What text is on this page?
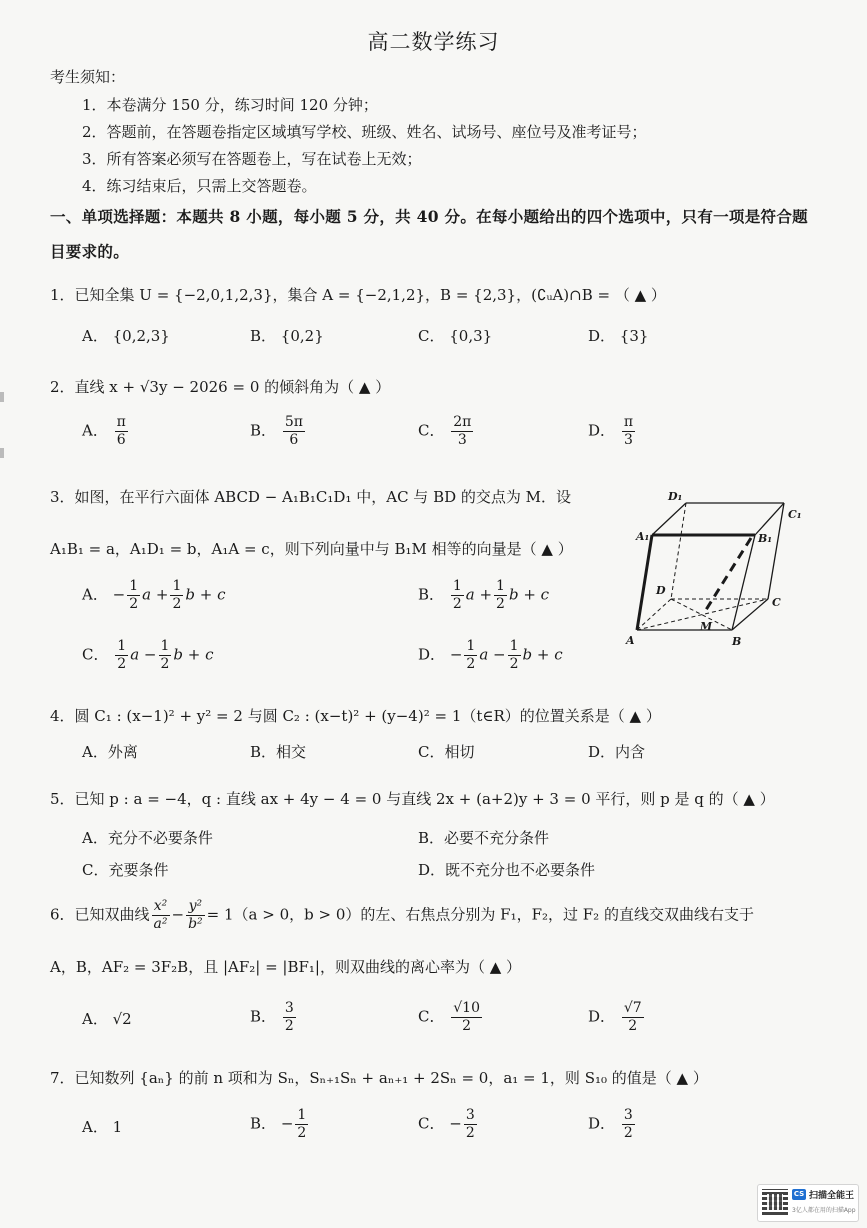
高二数学练习
考生须知：
1．本卷满分 150 分，练习时间 120 分钟；
2．答题前，在答题卷指定区域填写学校、班级、姓名、试场号、座位号及准考证号；
3．所有答案必须写在答题卷上，写在试卷上无效；
4．练习结束后，只需上交答题卷。
一、单项选择题：本题共 8 小题，每小题 5 分，共 40 分。在每小题给出的四个选项中，只有一项是符合题
目要求的。
1．已知全集 U = {−2,0,1,2,3}，集合 A = {−2,1,2}，B = {2,3}，(∁ᵤA)∩B = （ ▲ ）
A． {0,2,3}	B． {0,2}	C． {0,3}	D． {3}
2．直线 x + √3y − 2026 = 0 的倾斜角为（ ▲ ）
A． $\frac{\pi}{6}$	B． $\frac{5\pi}{6}$	C． $\frac{2\pi}{3}$	D． $\frac{\pi}{3}$
3．如图，在平行六面体 ABCD − A₁B₁C₁D₁ 中，AC 与 BD 的交点为 M．设
A₁B₁ = a，A₁D₁ = b，A₁A = c，则下列向量中与 B₁M 相等的向量是（ ▲ ）
A． − $\frac{1}{2}$ $a + \frac{1}{2}$ b + c	B． $\frac{1}{2}$ $a + \frac{1}{2}$ b + c
C． $\frac{1}{2}$ $a - \frac{1}{2}$ b + c	D． − $\frac{1}{2}$ $a - \frac{1}{2}$ b + c
D₁
C₁
A₁	B₁
D
C
A
M
B
4．圆 C₁ : (x−1)² + y² = 2 与圆 C₂ : (x−t)² + (y−4)² = 1（t∈R）的位置关系是（ ▲ ）
A．外离	B．相交	C．相切	D．内含
5．已知 p : a = −4，q : 直线 ax + 4y − 4 = 0 与直线 2x + (a+2)y + 3 = 0 平行，则 p 是 q 的（ ▲ ）
A．充分不必要条件	B．必要不充分条件
C．充要条件	D．既不充分也不必要条件
6．已知双曲线 $\frac{\text{x²}}{\text{a²}} - \frac{\text{y²}}{\text{b²}} = 1(a > 0$，b > 0）的左、右焦点分别为 F₁，F₂，过 F₂ 的直线交双曲线右支于
A，B，AF₂ = 3F₂B，且 |AF₂| = |BF₁|，则双曲线的离心率为（ ▲ ）
A． √2	B． $\frac{3}{2}$	C． $\frac{√10}{2}$	D． $\frac{√7}{2}$
7．已知数列 {aₙ} 的前 n 项和为 Sₙ，Sₙ₊₁Sₙ + aₙ₊₁ + 2Sₙ = 0，a₁ = 1，则 S₁₀ 的值是（ ▲ ）
A． 1	B． − $\frac{1}{2}$	C． − $\frac{3}{2}$	D． $\frac{3}{2}$
CS 扫描全能王
3亿人都在用的扫描App
